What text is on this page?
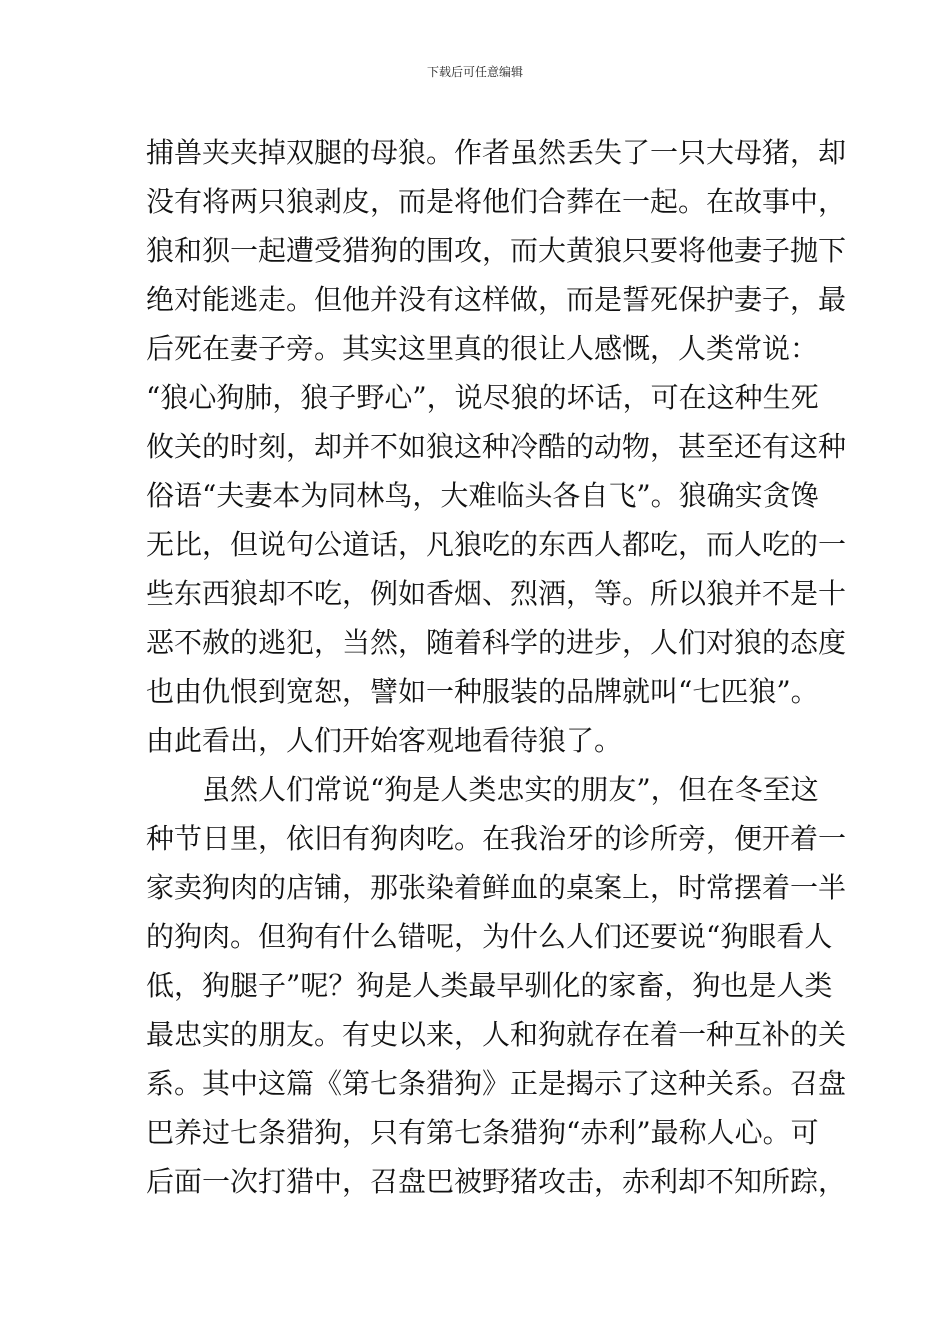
下载后可任意编辑
捕兽夹夹掉双腿的母狼。作者虽然丢失了一只大母猪，却
没有将两只狼剥皮，而是将他们合葬在一起。在故事中，
狼和狈一起遭受猎狗的围攻，而大黄狼只要将他妻子抛下
绝对能逃走。但他并没有这样做，而是誓死保护妻子，最
后死在妻子旁。其实这里真的很让人感慨，人类常说：
“狼心狗肺，狼子野心”，说尽狼的坏话，可在这种生死
攸关的时刻，却并不如狼这种冷酷的动物，甚至还有这种
俗语“夫妻本为同林鸟，大难临头各自飞”。狼确实贪馋
无比，但说句公道话，凡狼吃的东西人都吃，而人吃的一
些东西狼却不吃，例如香烟、烈酒，等。所以狼并不是十
恶不赦的逃犯，当然，随着科学的进步，人们对狼的态度
也由仇恨到宽恕，譬如一种服装的品牌就叫“七匹狼”。
由此看出，人们开始客观地看待狼了。
虽然人们常说“狗是人类忠实的朋友”，但在冬至这
种节日里，依旧有狗肉吃。在我治牙的诊所旁，便开着一
家卖狗肉的店铺，那张染着鲜血的桌案上，时常摆着一半
的狗肉。但狗有什么错呢，为什么人们还要说“狗眼看人
低，狗腿子”呢？狗是人类最早驯化的家畜，狗也是人类
最忠实的朋友。有史以来，人和狗就存在着一种互补的关
系。其中这篇《第七条猎狗》正是揭示了这种关系。召盘
巴养过七条猎狗，只有第七条猎狗“赤利”最称人心。可
后面一次打猎中，召盘巴被野猪攻击，赤利却不知所踪，
